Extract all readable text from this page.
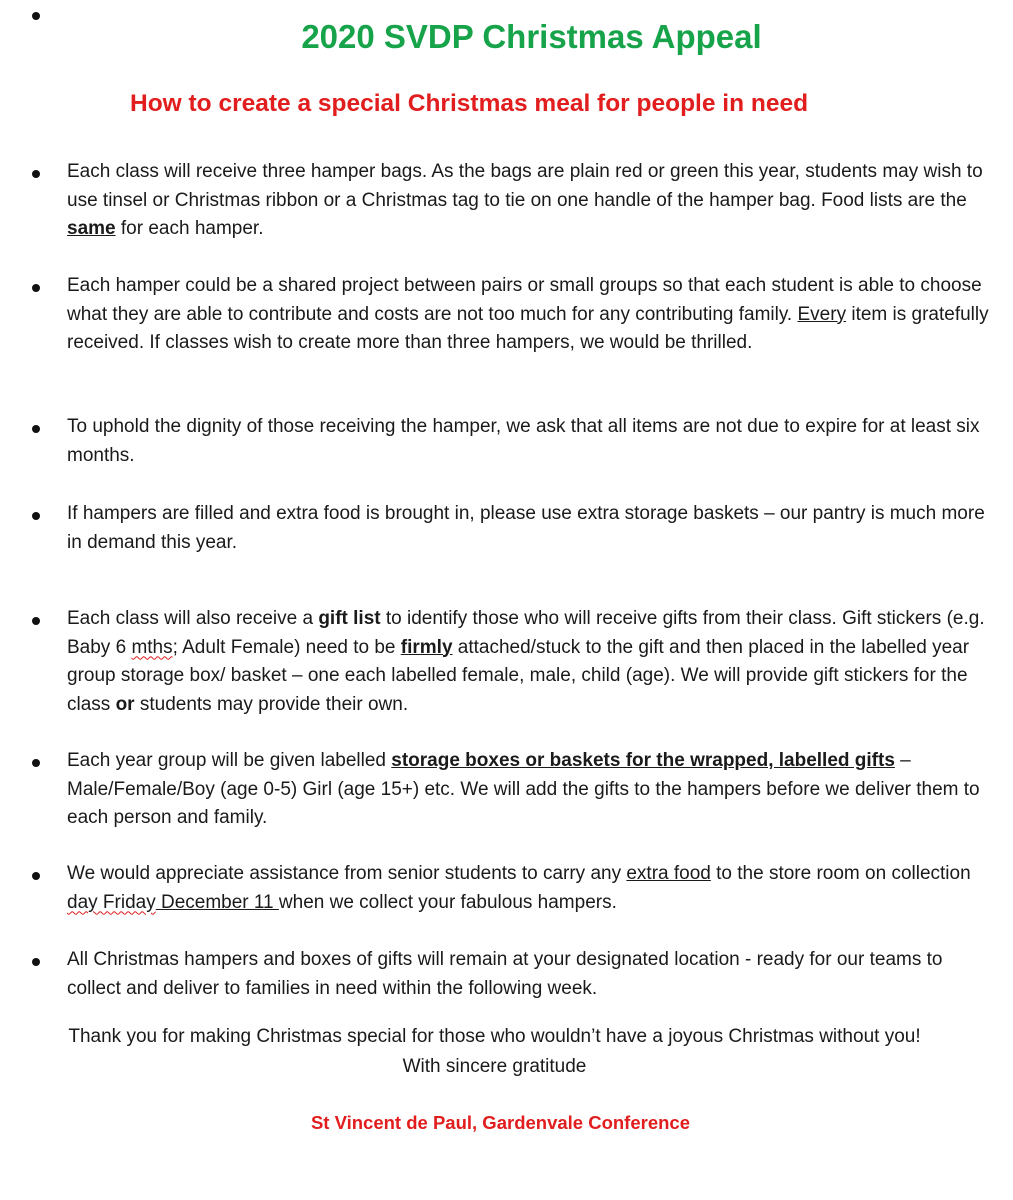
2020 SVDP Christmas Appeal
How to create a special Christmas meal for people in need
Each class will receive three hamper bags. As the bags are plain red or green this year, students may wish to use tinsel or Christmas ribbon or a Christmas tag to tie on one handle of the hamper bag. Food lists are the same for each hamper.
Each hamper could be a shared project between pairs or small groups so that each student is able to choose what they are able to contribute and costs are not too much for any contributing family. Every item is gratefully received. If classes wish to create more than three hampers, we would be thrilled.
To uphold the dignity of those receiving the hamper, we ask that all items are not due to expire for at least six months.
If hampers are filled and extra food is brought in, please use extra storage baskets – our pantry is much more in demand this year.
Each class will also receive a gift list to identify those who will receive gifts from their class. Gift stickers (e.g. Baby 6 mths; Adult Female) need to be firmly attached/stuck to the gift and then placed in the labelled year group storage box/ basket – one each labelled female, male, child (age). We will provide gift stickers for the class or students may provide their own.
Each year group will be given labelled storage boxes or baskets for the wrapped, labelled gifts – Male/Female/Boy (age 0-5) Girl (age 15+) etc. We will add the gifts to the hampers before we deliver them to each person and family.
We would appreciate assistance from senior students to carry any extra food to the store room on collection day Friday December 11 when we collect your fabulous hampers.
All Christmas hampers and boxes of gifts will remain at your designated location - ready for our teams to collect and deliver to families in need within the following week.
Thank you for making Christmas special for those who wouldn’t have a joyous Christmas without you!
With sincere gratitude
St Vincent de Paul, Gardenvale Conference
